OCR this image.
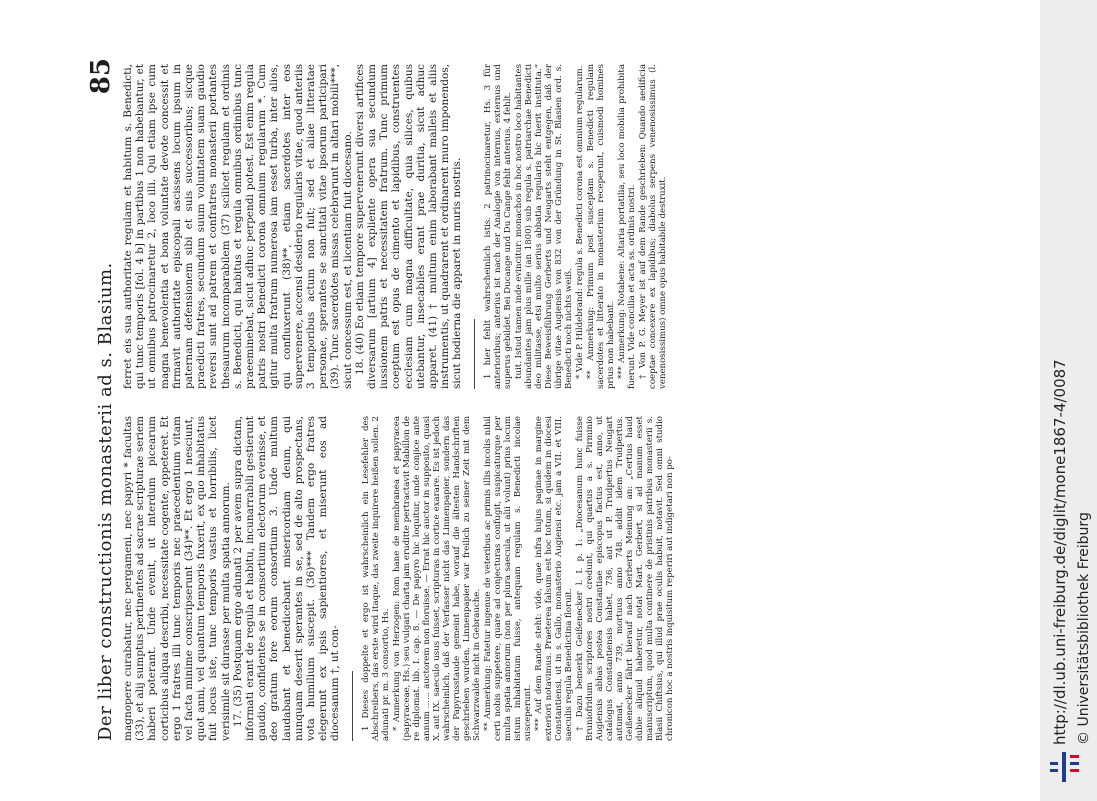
Der liber constructionis monasterii ad s. Blasium.
85

magnopere curabatur, nec pergameni, nec papyri * facultas (33), et alij sumptus pertinentes ad sacrae scripturae seriem haberi poterant. Unde evenit, ut interdum picearum corticibus aliqua describi, necessitate cogente, oppeteret. Et ergo 1 fratres illi tunc temporis nec praecedentium vitam vel facta minime conscripserunt (34)**. Et ergo 1 nesciunt, quot anni, vel quantum temporis fuxerit, ex quo inhabitatus fuit locus iste, tunc temporis vastus et horribilis, licet verisimile sit durasse per multa spatia annorum. 17. (35) Postquam ergo adunati 2 per avem supra dictam, informati erant de regula et habitu, incunarrabili gestierunt gaudio, confidentes se in consortium electorum evenisse, et deo gratum fore eorum consortium 3. Unde multum laudabant et benedicebant misericordiam deum, qui nunquam deserit sperantes in se, sed de alto prospectans, vota humilium suscepit. (36)*** Tandem ergo fratres elegerunt ex ipsis sapientiores, et miserunt eos ad diocesanum †, ut con- 1 Dieses doppelte et ergo ist wahrscheinlich ein Lesefehler des Abschreibers, das erste wird itaque, das zweite inquirere heißen sollen. 2 adunati pr. m. 3 consortio, Hs. * Anmerkung von Herzogen: Rom hane de membranea et papyracea (papyraceae, Hs.) seu vulgari charta jam eruditte pertractavit Mabillon de re diplomat. lib. I. cap. 8. — De papyro hic loquitur, unde conjice ante annum ...... auctorem non floruisse. — Errat hic auctor in supposito, quasi X. aut IX. saeculo usus fuisset, scripturas in cortice exarare. Es ist jedoch wahrscheinlich, daß der Verfasser nicht das Linnenpapier, sondern das der Papyrusstaude gemeint habe, worauf die ältesten Handschriften geschrieben wurden. Linnenpapier war freilich zu seiner Zeit mit dem Schwarzwalde nicht in Gebrauche. ** Anmerkung: Fatetur ingenue de veteribus ac primis illis incolis nihil certi nobis suppetere, quare ad conjecturas confugit, suspicaturque per multa spatia annorum (non per plura saecula, ut alii volunt) prius locum istum inhabitatum fuisse, antequam regulam s. Benedicti incolae susceperunt. *** Auf dem Rande steht: vide, quae infra hujus paginae in margine exteriori notavimus. Praeterea falsum est hoc totum, si quidem in diocesi Constantiensi, ut in s. Gallo, monasterio Augiensi etc. jam a VII. et VIII. saeculis regula Benedictina floruit. † Dazu bemerkt Geißenecker l. I. p. 1: „Diocesanum hunc fuisse Bruniofridum scriptores nostri credunt, qui quartus a s. Pirminio Augiensis abbas postea Constantiae episcopus factus est, anno, ut catalogus Constantiensis habet, 736, aut ut P. Trudpertus Neugart autumat, anno 739, mortuus anno 748. addit idem Trudpertus. Geißenecker fährt hierauf nach Gerberts Meinung an: „Certius haud dubie aliquid haberetur, notat Mart. Gerbert, si ad manum esset manuscriptum, quod multa continere de pristinis patribus monasterii s. Blasii Chiftsius, qui illud prae oculis habuit, notavit. Sed omni studio chronicon hoc a nostris inquisitum reperiri aut indigetari non po-

ferret eis sua authoritate regulam et habitum s. Benedicti, qui tunc temporis [fol. 4 b] in partibus 1 non habebantur, et ut omnibus patrocinaretur 2, loco illi. Qui etiam ipse cum magna benevolentia et bona voluntate devote concessit et firmavit authoritate episcopali ascissens locum ipsum in paternam defensionem sibi et suis successoribus; sicque praedicti fratres, secundum suum voluntatem suam gaudio reversi sunt ad patrem et confratres monasterii portantes thesaurum incomparabilem (37) scilicet regulam et ordinis s. Benedicti, qui habitus et regula omnibus ordinibus tunc praeeminebat, sicut adhuc perpendi potest. Est enim regula patris nostri Benedicti corona omnium regularum *. Cum igitur multa fratrum numerosa iam esset turba, inter alios, qui confluxerunt (38)**, etiam sacerdotes inter eos supervenere, accensi desiderio regularis vitae, quod anteriis 3 temporibus actum non fuit; sed et aliae litteratae personae, sperantes se sanctitati vitae ipsorum participari (39). Tunc sacerdotes missas celebrarunt in altari mobili***, sicut concessum est, et licentiam fuit diocesano. 18. (40) Eo etiam tempore supervenerunt diversi artifices diversarum [artium 4] expliente opera sua secundum iussionem patris et necessitatem fratrum. Tunc primum coeptum est opus de cimento et lapidibus, construentes ecclesiam cum magna difficultate, quia silices, quibus utebantur, insecabiles erant prae duritia, sicut adhuc apparet. (41) † multum enim laborabant malleis et aliis instrumentis, ut quadrarent et ordinarent muro imponendos, sicut hodierna die apparet in muris nostris. 1 hier fehlt wahrscheinlich istis. 2 patrinocinaretur, Hs. 3 für anterioribus; anterius ist nach der Analogie von internus, externus und superus gebildet. Bei Ducange und Du Cange fehlt anterius. 4 fehlt. tuit. Istud tamen inde evincitur: monachos in hoc nostro loco habitantes abundantes jam plus mille (an 1800) sub regula s. patriarchae Benedicti deo militasse, etsi multo serius abbatia regularis hic fuerit instituta.“ Diese Beweisführung Gerberts und Neugarts steht entgegen, daß der übrige vitae Augiensis von 832 von der Gründung in St. Blasien ord. s. Benedicti noch nichts weiß. * Vide P. Hildebrand: regula s. Benedicti corona est omnium regularum. ** Anmerkung: Primum post susceptam s. Benedicti regulam sacerdotes et litterato in monasterium receperunt, cuismodi homines prius non habebant. *** Anmerkung: Notabene: Altaria portatilia, seu loco mobilia prohibita fuerunt. Vide concilia et acta ss. ordinis nostri. † Von P. G. Meyer ist auf dem Rande geschrieben: Quando aedificia coeptae concexere ex lapidibus; diabolus serpens venenosissimus (l. venenosissimus) omne opus habitabile destruxit.

http://dl.ub.uni-freiburg.de/diglit/mone1867-4/0087 © Universitätsbibliothek Freiburg
